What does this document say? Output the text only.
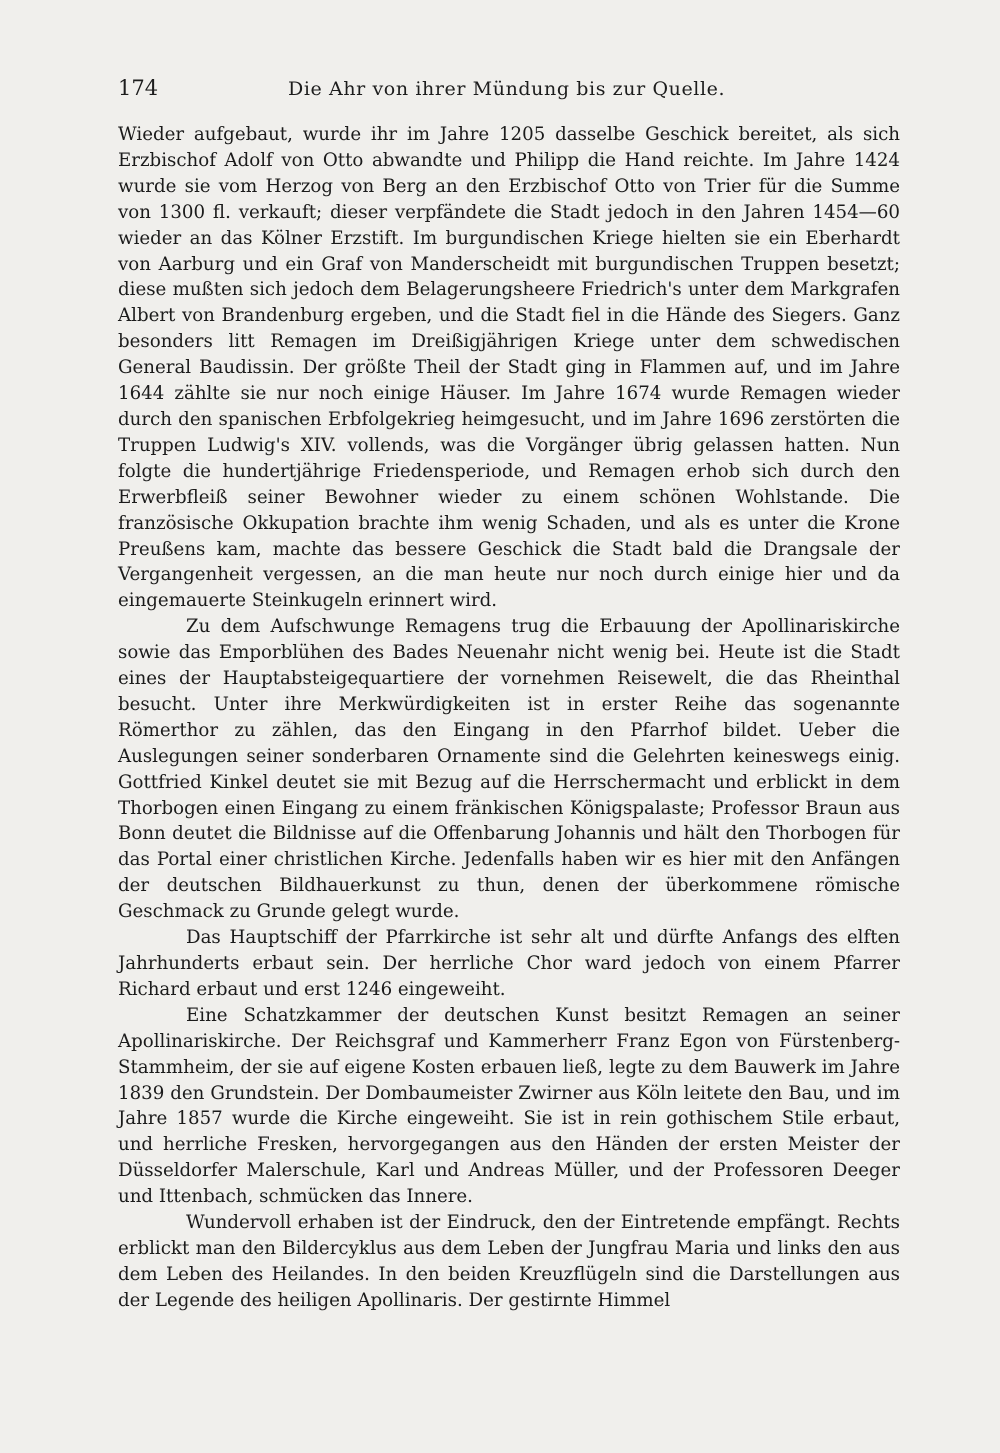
174	Die Ahr von ihrer Mündung bis zur Quelle.

Wieder aufgebaut, wurde ihr im Jahre 1205 dasselbe Geschick bereitet, als sich Erzbischof Adolf von Otto abwandte und Philipp die Hand reichte. Im Jahre 1424 wurde sie vom Herzog von Berg an den Erzbischof Otto von Trier für die Summe von 1300 fl. verkauft; dieser verpfändete die Stadt jedoch in den Jahren 1454—60 wieder an das Kölner Erzstift. Im burgundischen Kriege hielten sie ein Eberhardt von Aarburg und ein Graf von Manderscheidt mit burgundischen Truppen besetzt; diese mußten sich jedoch dem Belagerungsheere Friedrich's unter dem Markgrafen Albert von Brandenburg ergeben, und die Stadt fiel in die Hände des Siegers. Ganz besonders litt Remagen im Dreißigjährigen Kriege unter dem schwedischen General Baudissin. Der größte Theil der Stadt ging in Flammen auf, und im Jahre 1644 zählte sie nur noch einige Häuser. Im Jahre 1674 wurde Remagen wieder durch den spanischen Erbfolgekrieg heimgesucht, und im Jahre 1696 zerstörten die Truppen Ludwig's XIV. vollends, was die Vorgänger übrig gelassen hatten. Nun folgte die hundertjährige Friedensperiode, und Remagen erhob sich durch den Erwerbfleiß seiner Bewohner wieder zu einem schönen Wohlstande. Die französische Okkupation brachte ihm wenig Schaden, und als es unter die Krone Preußens kam, machte das bessere Geschick die Stadt bald die Drangsale der Vergangenheit vergessen, an die man heute nur noch durch einige hier und da eingemauerte Steinkugeln erinnert wird.

Zu dem Aufschwunge Remagens trug die Erbauung der Apollinariskirche sowie das Emporblühen des Bades Neuenahr nicht wenig bei. Heute ist die Stadt eines der Hauptabsteigequartiere der vornehmen Reisewelt, die das Rheinthal besucht. Unter ihre Merkwürdigkeiten ist in erster Reihe das sogenannte Römerthor zu zählen, das den Eingang in den Pfarrhof bildet. Ueber die Auslegungen seiner sonderbaren Ornamente sind die Gelehrten keineswegs einig. Gottfried Kinkel deutet sie mit Bezug auf die Herrschermacht und erblickt in dem Thorbogen einen Eingang zu einem fränkischen Königspalaste; Professor Braun aus Bonn deutet die Bildnisse auf die Offenbarung Johannis und hält den Thorbogen für das Portal einer christlichen Kirche. Jedenfalls haben wir es hier mit den Anfängen der deutschen Bildhauerkunst zu thun, denen der überkommene römische Geschmack zu Grunde gelegt wurde.

Das Hauptschiff der Pfarrkirche ist sehr alt und dürfte Anfangs des elften Jahrhunderts erbaut sein. Der herrliche Chor ward jedoch von einem Pfarrer Richard erbaut und erst 1246 eingeweiht.

Eine Schatzkammer der deutschen Kunst besitzt Remagen an seiner Apollinariskirche. Der Reichsgraf und Kammerherr Franz Egon von Fürstenberg-Stammheim, der sie auf eigene Kosten erbauen ließ, legte zu dem Bauwerk im Jahre 1839 den Grundstein. Der Dombaumeister Zwirner aus Köln leitete den Bau, und im Jahre 1857 wurde die Kirche eingeweiht. Sie ist in rein gothischem Stile erbaut, und herrliche Fresken, hervorgegangen aus den Händen der ersten Meister der Düsseldorfer Malerschule, Karl und Andreas Müller, und der Professoren Deeger und Ittenbach, schmücken das Innere.

Wundervoll erhaben ist der Eindruck, den der Eintretende empfängt. Rechts erblickt man den Bildercyklus aus dem Leben der Jungfrau Maria und links den aus dem Leben des Heilandes. In den beiden Kreuzflügeln sind die Darstellungen aus der Legende des heiligen Apollinaris. Der gestirnte Himmel
